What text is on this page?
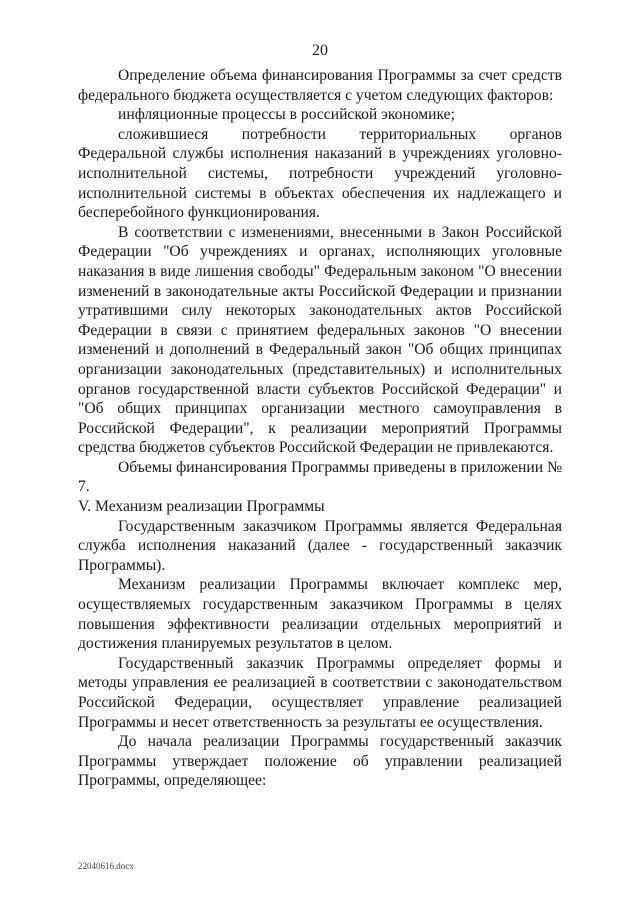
20

Определение объема финансирования Программы за счет средств федерального бюджета осуществляется с учетом следующих факторов:

инфляционные процессы в российской экономике;

сложившиеся потребности территориальных органов Федеральной службы исполнения наказаний в учреждениях уголовно-исполнительной системы, потребности учреждений уголовно-исполнительной системы в объектах обеспечения их надлежащего и бесперебойного функционирования.

В соответствии с изменениями, внесенными в Закон Российской Федерации "Об учреждениях и органах, исполняющих уголовные наказания в виде лишения свободы" Федеральным законом "О внесении изменений в законодательные акты Российской Федерации и признании утратившими силу некоторых законодательных актов Российской Федерации в связи с принятием федеральных законов "О внесении изменений и дополнений в Федеральный закон "Об общих принципах организации законодательных (представительных) и исполнительных органов государственной власти субъектов Российской Федерации" и "Об общих принципах организации местного самоуправления в Российской Федерации", к реализации мероприятий Программы средства бюджетов субъектов Российской Федерации не привлекаются.

Объемы финансирования Программы приведены в приложении № 7.

V. Механизм реализации Программы

Государственным заказчиком Программы является Федеральная служба исполнения наказаний (далее - государственный заказчик Программы).

Механизм реализации Программы включает комплекс мер, осуществляемых государственным заказчиком Программы в целях повышения эффективности реализации отдельных мероприятий и достижения планируемых результатов в целом.

Государственный заказчик Программы определяет формы и методы управления ее реализацией в соответствии с законодательством Российской Федерации, осуществляет управление реализацией Программы и несет ответственность за результаты ее осуществления.

До начала реализации Программы государственный заказчик Программы утверждает положение об управлении реализацией Программы, определяющее:

22040616.docx
